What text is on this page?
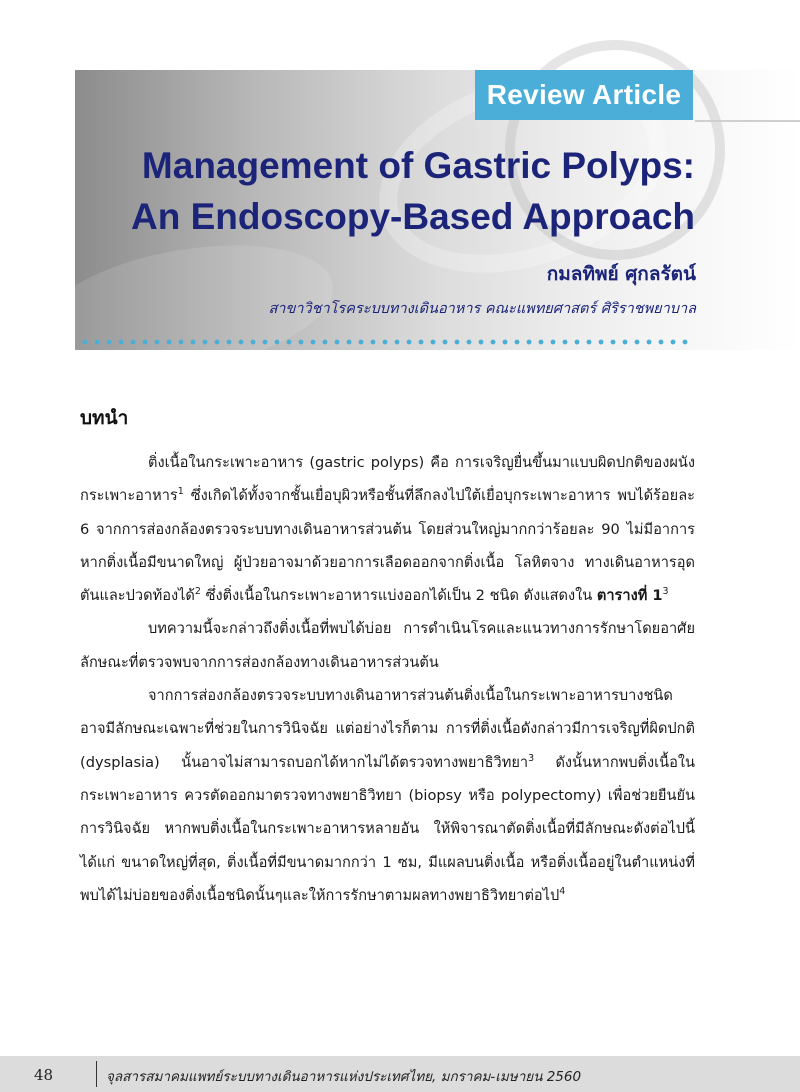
Review Article
Management of Gastric Polyps:
An Endoscopy-Based Approach
กมลทิพย์ ศุกลรัตน์
สาขาวิชาโรคระบบทางเดินอาหาร คณะแพทยศาสตร์ ศิริราชพยาบาล
บทนำ

ติ่งเนื้อในกระเพาะอาหาร (gastric polyps) คือ การเจริญยื่นขึ้นมาแบบผิดปกติของผนังกระเพาะอาหาร$^1$ ซึ่งเกิดได้ทั้งจากชั้นเยื่อบุผิวหรือชั้นที่ลึกลงไปใต้เยื่อบุกระเพาะอาหาร พบได้ร้อยละ 6 จากการส่องกล้องตรวจระบบทางเดินอาหารส่วนต้น โดยส่วนใหญ่มากกว่าร้อยละ 90 ไม่มีอาการ หากติ่งเนื้อมีขนาดใหญ่ ผู้ป่วยอาจมาด้วยอาการเลือดออกจากติ่งเนื้อ โลหิตจาง ทางเดินอาหารอุดตันและปวดท้องได้$^2$ ซึ่งติ่งเนื้อในกระเพาะอาหารแบ่งออกได้เป็น 2 ชนิด ดังแสดงใน ตารางที่ $1^3$

บทความนี้จะกล่าวถึงติ่งเนื้อที่พบได้บ่อย การดำเนินโรคและแนวทางการรักษาโดยอาศัยลักษณะที่ตรวจพบจากการส่องกล้องทางเดินอาหารส่วนต้น

จากการส่องกล้องตรวจระบบทางเดินอาหารส่วนต้นติ่งเนื้อในกระเพาะอาหารบางชนิดอาจมีลักษณะเฉพาะที่ช่วยในการวินิจฉัย แต่อย่างไรก็ตาม การที่ติ่งเนื้อดังกล่าวมีการเจริญที่ผิดปกติ (dysplasia) นั้นอาจไม่สามารถบอกได้หากไม่ได้ตรวจทางพยาธิวิทยา$^3$ ดังนั้นหากพบติ่งเนื้อในกระเพาะอาหาร ควรตัดออกมาตรวจทางพยาธิวิทยา (biopsy หรือ polypectomy) เพื่อช่วยยืนยันการวินิจฉัย หากพบติ่งเนื้อในกระเพาะอาหารหลายอัน ให้พิจารณาตัดติ่งเนื้อที่มีลักษณะดังต่อไปนี้ ได้แก่ ขนาดใหญ่ที่สุด, ติ่งเนื้อที่มีขนาดมากกว่า 1 ซม, มีแผลบนติ่งเนื้อ หรือติ่งเนื้ออยู่ในตำแหน่งที่พบได้ไม่บ่อยของติ่งเนื้อชนิดนั้นๆและให้การรักษาตามผลทางพยาธิวิทยาต่อไป$^4$

48	จุลสารสมาคมแพทย์ระบบทางเดินอาหารแห่งประเทศไทย, มกราคม-เมษายน 2560
